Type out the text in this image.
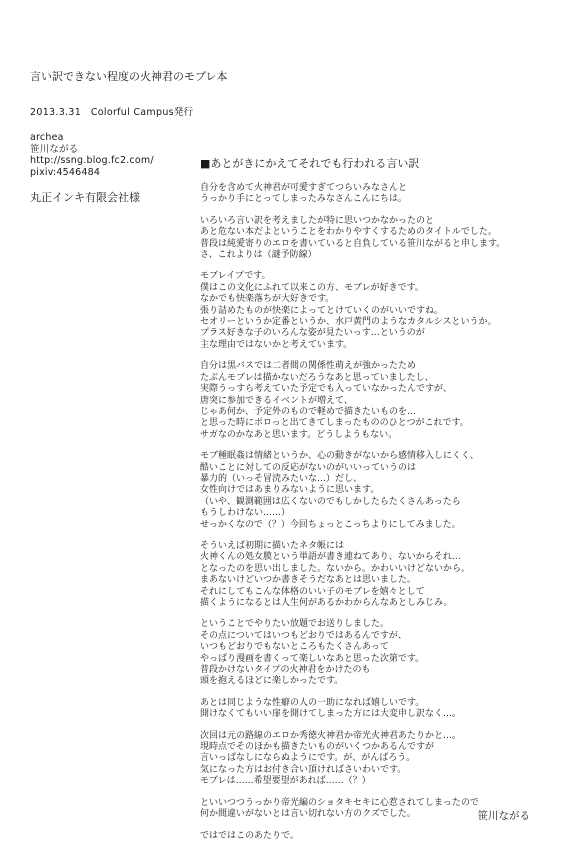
言い訳できない程度の火神君のモブレ本
2013.3.31　Colorful Campus発行
archea
笹川ながる
http://ssng.blog.fc2.com/
pixiv:4546484
丸正インキ有限会社様
■あとがきにかえてそれでも行われる言い訳
自分を含めて火神君が可愛すぎてつらいみなさんと
うっかり手にとってしまったみなさんこんにちは。
いろいろ言い訳を考えましたが特に思いつかなかったのと
あと危ない本だよということをわかりやすくするためのタイトルでした。
普段は純愛寄りのエロを書いていると自負している笹川ながると申します。
さ、これよりは（謎予防線）
モブレイプです。
僕はこの文化にふれて以来この方、モブレが好きです。
なかでも快楽落ちが大好きです。
張り詰めたものが快楽によってとけていくのがいいですね。
セオリーというか定番というか、水戸黄門のようなカタルシスというか。
プラス好きな子のいろんな姿が見たいっす…というのが
主な理由ではないかと考えています。
自分は黒バスでは二者間の関係性萌えが強かったため
たぶんモブレは描かないだろうなあと思っていましたし、
実際うっすら考えていた予定でも入っていなかったんですが、
唐突に参加できるイベントが増えて、
じゃあ何か、予定外のもので軽めで描きたいものを…
と思った時にポロっと出てきてしまったもののひとつがこれです。
サガなのかなあと思います。どうしようもない。
モブ種眠姦は情緒というか、心の動きがないから感情移入しにくく、
酷いことに対しての反応がないのがいいっていうのは
暴力的（いっそ冒涜みたいな…）だし、
女性向けではあまりみないように思います。
（いや、観測範囲は広くないのでもしかしたらたくさんあったら
もうしわけない……）
せっかくなので（？）今回ちょっとこっちよりにしてみました。
そういえば初期に描いたネタ帳には
火神くんの処女膜という単語が書き連ねてあり、ないからそれ…
となったのを思い出しました。ないから。かわいいけどないから。
まあないけどいつか書きそうだなあとは思いました。
それにしてもこんな体格のいい子のモブレを嬉々として
描くようになるとは人生何があるかわからんなあとしみじみ。
ということでやりたい放題でお送りしました。
その点についてはいつもどおりではあるんですが、
いつもどおりでもないところもたくさんあって
やっぱり漫画を書くって楽しいなあと思った次第です。
普段かけないタイプの火神君をかけたのも
頭を抱えるほどに楽しかったです。
あとは同じような性癖の人の一助になれば嬉しいです。
開けなくてもいい扉を開けてしまった方には大変申し訳なく…。
次回は元の路線のエロか秀徳火神君か帝光火神君あたりかと…。
現時点でそのほかも描きたいものがいくつかあるんですが
言いっぱなしにならぬようにです。が、がんばろう。
気になった方はお付き合い頂ければさいわいです。
モブレは……希望要望があれば……（？）
といいつつうっかり帝光編のショタキセキに心惹されてしまったので
何か間違いがないとは言い切れない方のクズでした。
ではではこのあたりで。
笹川ながる
